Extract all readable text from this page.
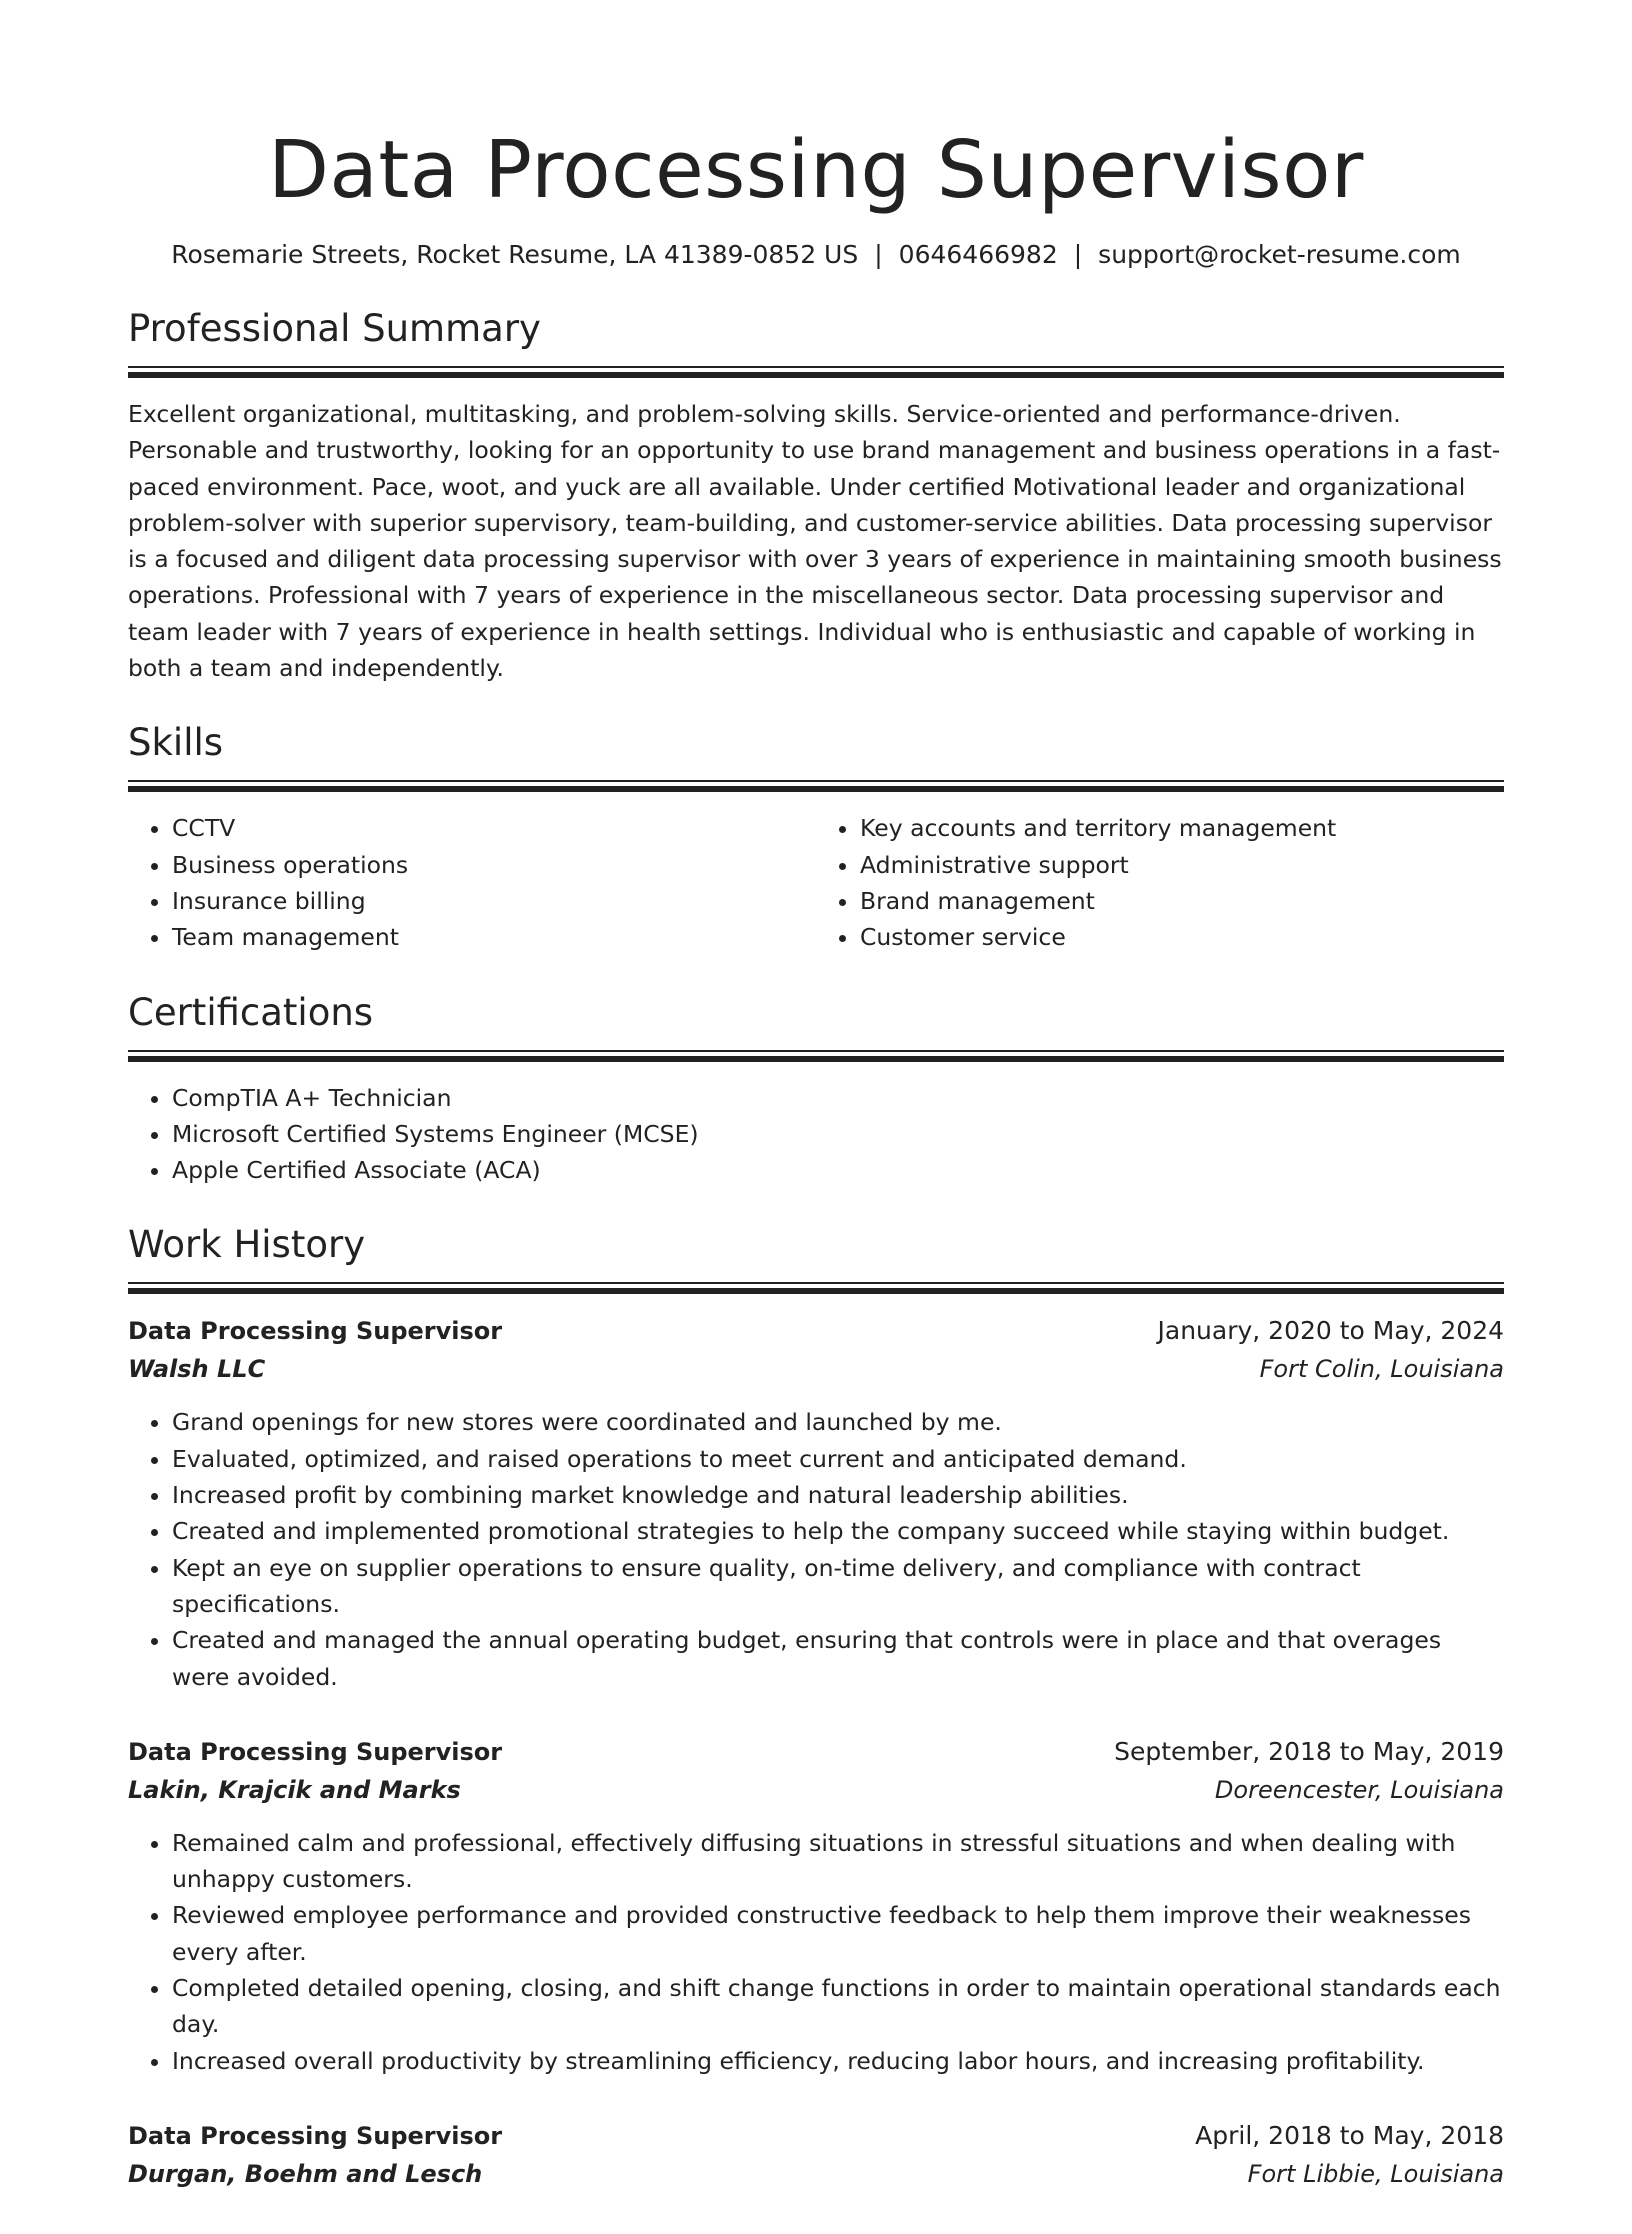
Data Processing Supervisor
Rosemarie Streets, Rocket Resume, LA 41389-0852 US | 0646466982 | support@rocket-resume.com
Professional Summary
Excellent organizational, multitasking, and problem-solving skills. Service-oriented and performance-driven. Personable and trustworthy, looking for an opportunity to use brand management and business operations in a fast-paced environment. Pace, woot, and yuck are all available. Under certified Motivational leader and organizational problem-solver with superior supervisory, team-building, and customer-service abilities. Data processing supervisor is a focused and diligent data processing supervisor with over 3 years of experience in maintaining smooth business operations. Professional with 7 years of experience in the miscellaneous sector. Data processing supervisor and team leader with 7 years of experience in health settings. Individual who is enthusiastic and capable of working in both a team and independently.
Skills
• CCTV
• Business operations
• Insurance billing
• Team management
• Key accounts and territory management
• Administrative support
• Brand management
• Customer service
Certifications
• CompTIA A+ Technician
• Microsoft Certified Systems Engineer (MCSE)
• Apple Certified Associate (ACA)
Work History
Data Processing Supervisor	January, 2020 to May, 2024
Walsh LLC	Fort Colin, Louisiana
• Grand openings for new stores were coordinated and launched by me.
• Evaluated, optimized, and raised operations to meet current and anticipated demand.
• Increased profit by combining market knowledge and natural leadership abilities.
• Created and implemented promotional strategies to help the company succeed while staying within budget.
• Kept an eye on supplier operations to ensure quality, on-time delivery, and compliance with contract specifications.
• Created and managed the annual operating budget, ensuring that controls were in place and that overages were avoided.
Data Processing Supervisor	September, 2018 to May, 2019
Lakin, Krajcik and Marks	Doreencester, Louisiana
• Remained calm and professional, effectively diffusing situations in stressful situations and when dealing with unhappy customers.
• Reviewed employee performance and provided constructive feedback to help them improve their weaknesses every after.
• Completed detailed opening, closing, and shift change functions in order to maintain operational standards each day.
• Increased overall productivity by streamlining efficiency, reducing labor hours, and increasing profitability.
Data Processing Supervisor	April, 2018 to May, 2018
Durgan, Boehm and Lesch	Fort Libbie, Louisiana
